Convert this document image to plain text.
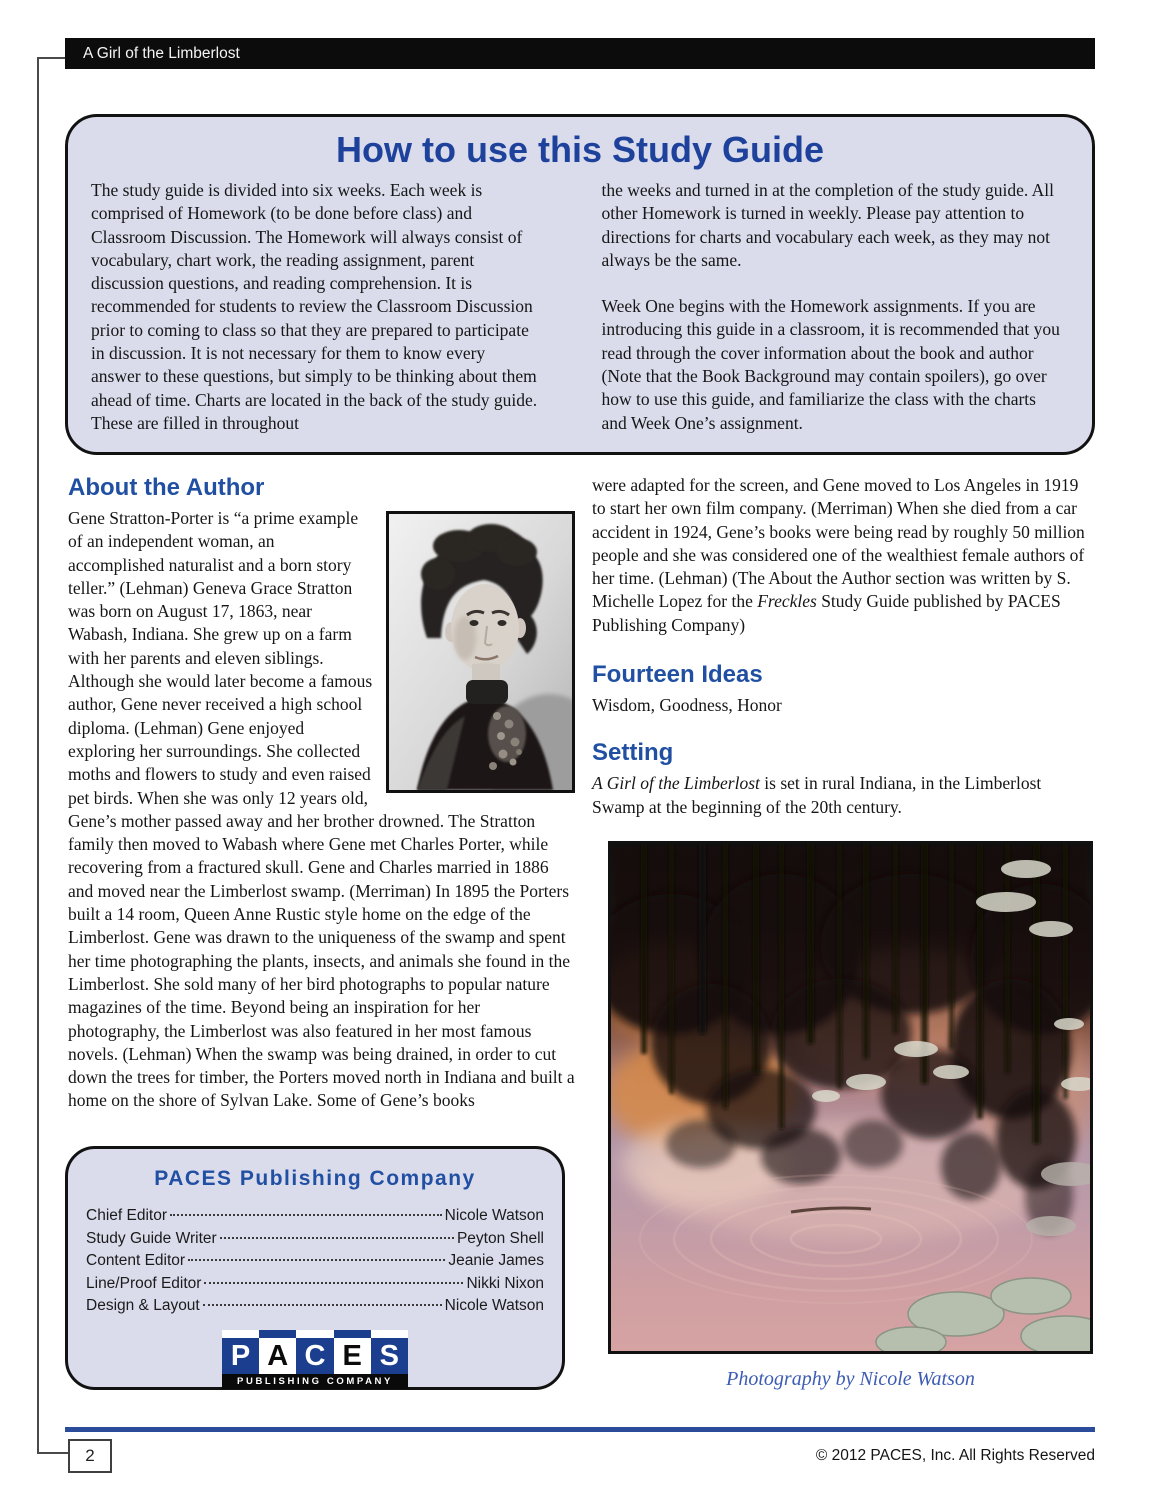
A Girl of the Limberlost
How to use this Study Guide

The study guide is divided into six weeks. Each week is comprised of Homework (to be done before class) and Classroom Discussion. The Homework will always consist of vocabulary, chart work, the reading assignment, parent discussion questions, and reading comprehension. It is recommended for students to review the Classroom Discussion prior to coming to class so that they are prepared to participate in discussion. It is not necessary for them to know every answer to these questions, but simply to be thinking about them ahead of time. Charts are located in the back of the study guide. These are filled in throughout

the weeks and turned in at the completion of the study guide. All other Homework is turned in weekly. Please pay attention to directions for charts and vocabulary each week, as they may not always be the same.

Week One begins with the Homework assignments. If you are introducing this guide in a classroom, it is recommended that you read through the cover information about the book and author (Note that the Book Background may contain spoilers), go over how to use this guide, and familiarize the class with the charts and Week One’s assignment.

About the Author

Gene Stratton-Porter is “a prime example of an independent woman, an accomplished naturalist and a born story teller.” (Lehman) Geneva Grace Stratton was born on August 17, 1863, near Wabash, Indiana. She grew up on a farm with her parents and eleven siblings. Although she would later become a famous author, Gene never received a high school diploma. (Lehman) Gene enjoyed exploring her surroundings. She collected moths and flowers to study and even raised pet birds. When she was only 12 years old, Gene’s mother passed away and her brother drowned. The Stratton family then moved to Wabash where Gene met Charles Porter, while recovering from a fractured skull. Gene and Charles married in 1886 and moved near the Limberlost swamp. (Merriman) In 1895 the Porters built a 14 room, Queen Anne Rustic style home on the edge of the Limberlost. Gene was drawn to the uniqueness of the swamp and spent her time photographing the plants, insects, and animals she found in the Limberlost. She sold many of her bird photographs to popular nature magazines of the time. Beyond being an inspiration for her photography, the Limberlost was also featured in her most famous novels. (Lehman) When the swamp was being drained, in order to cut down the trees for timber, the Porters moved north in Indiana and built a home on the shore of Sylvan Lake. Some of Gene’s books

were adapted for the screen, and Gene moved to Los Angeles in 1919 to start her own film company. (Merriman) When she died from a car accident in 1924, Gene’s books were being read by roughly 50 million people and she was considered one of the wealthiest female authors of her time. (Lehman) (The About the Author section was written by S. Michelle Lopez for the Freckles Study Guide published by PACES Publishing Company)

Fourteen Ideas

Wisdom, Goodness, Honor

Setting

A Girl of the Limberlost is set in rural Indiana, in the Limberlost Swamp at the beginning of the 20th century.

Photography by Nicole Watson
PACES Publishing Company
Chief Editor	Nicole Watson
Study Guide Writer	Peyton Shell
Content Editor	Jeanie James
Line/Proof Editor	Nikki Nixon
Design & Layout	Nicole Watson
P A C E S
PUBLISHING COMPANY
2	© 2012 PACES, Inc. All Rights Reserved
